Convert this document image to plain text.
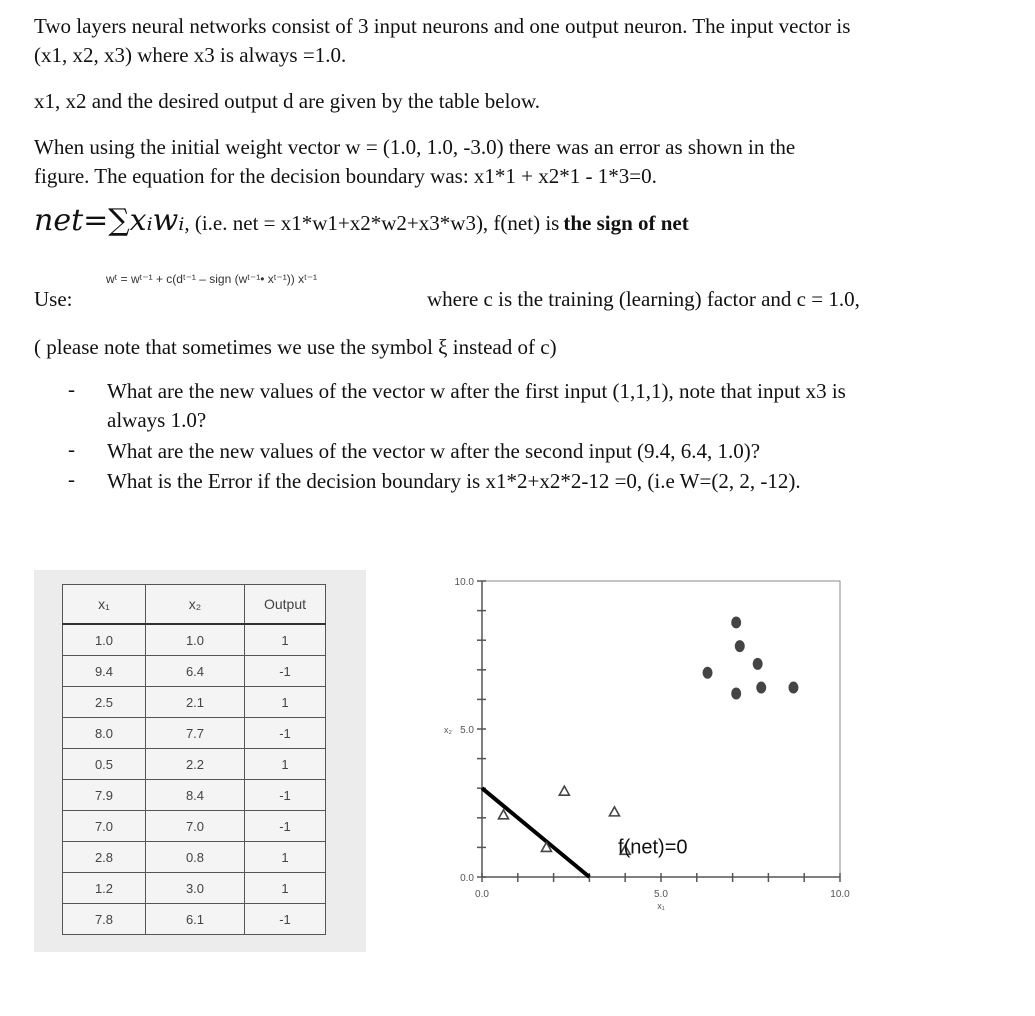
Two layers neural networks consist of 3 input neurons and one output neuron. The input vector is
(x1, x2, x3) where x3 is always =1.0.
x1, x2 and the desired output d are given by the table below.
When using the initial weight vector w = (1.0, 1.0, -3.0) there was an error as shown in the
figure. The equation for the decision boundary was: x1*1 + x2*1 - 1*3=0.
net=∑xᵢwᵢ, (i.e. net = x1*w1+x2*w2+x3*w3), f(net) is the sign of net
wᵗ = wᵗ⁻¹ + c(dᵗ⁻¹ – sign (wᵗ⁻¹• xᵗ⁻¹)) xᵗ⁻¹
Use:	where c is the training (learning) factor and c = 1.0,
( please note that sometimes we use the symbol ξ instead of c)
- What are the new values of the vector w after the first input (1,1,1), note that input x3 is
always 1.0?
- What are the new values of the vector w after the second input (9.4, 6.4, 1.0)?
- What is the Error if the decision boundary is x1*2+x2*2-12 =0, (i.e W=(2, 2, -12).
x₁	x₂	Output
1.0	1.0	1
9.4	6.4	-1
2.5	2.1	1
8.0	7.7	-1
0.5	2.2	1
7.9	8.4	-1
7.0	7.0	-1
2.8	0.8	1
1.2	3.0	1
7.8	6.1	-1
0.0
5.0
10.0
0.0	5.0	10.0
x₁
x₂
f(net)=0
